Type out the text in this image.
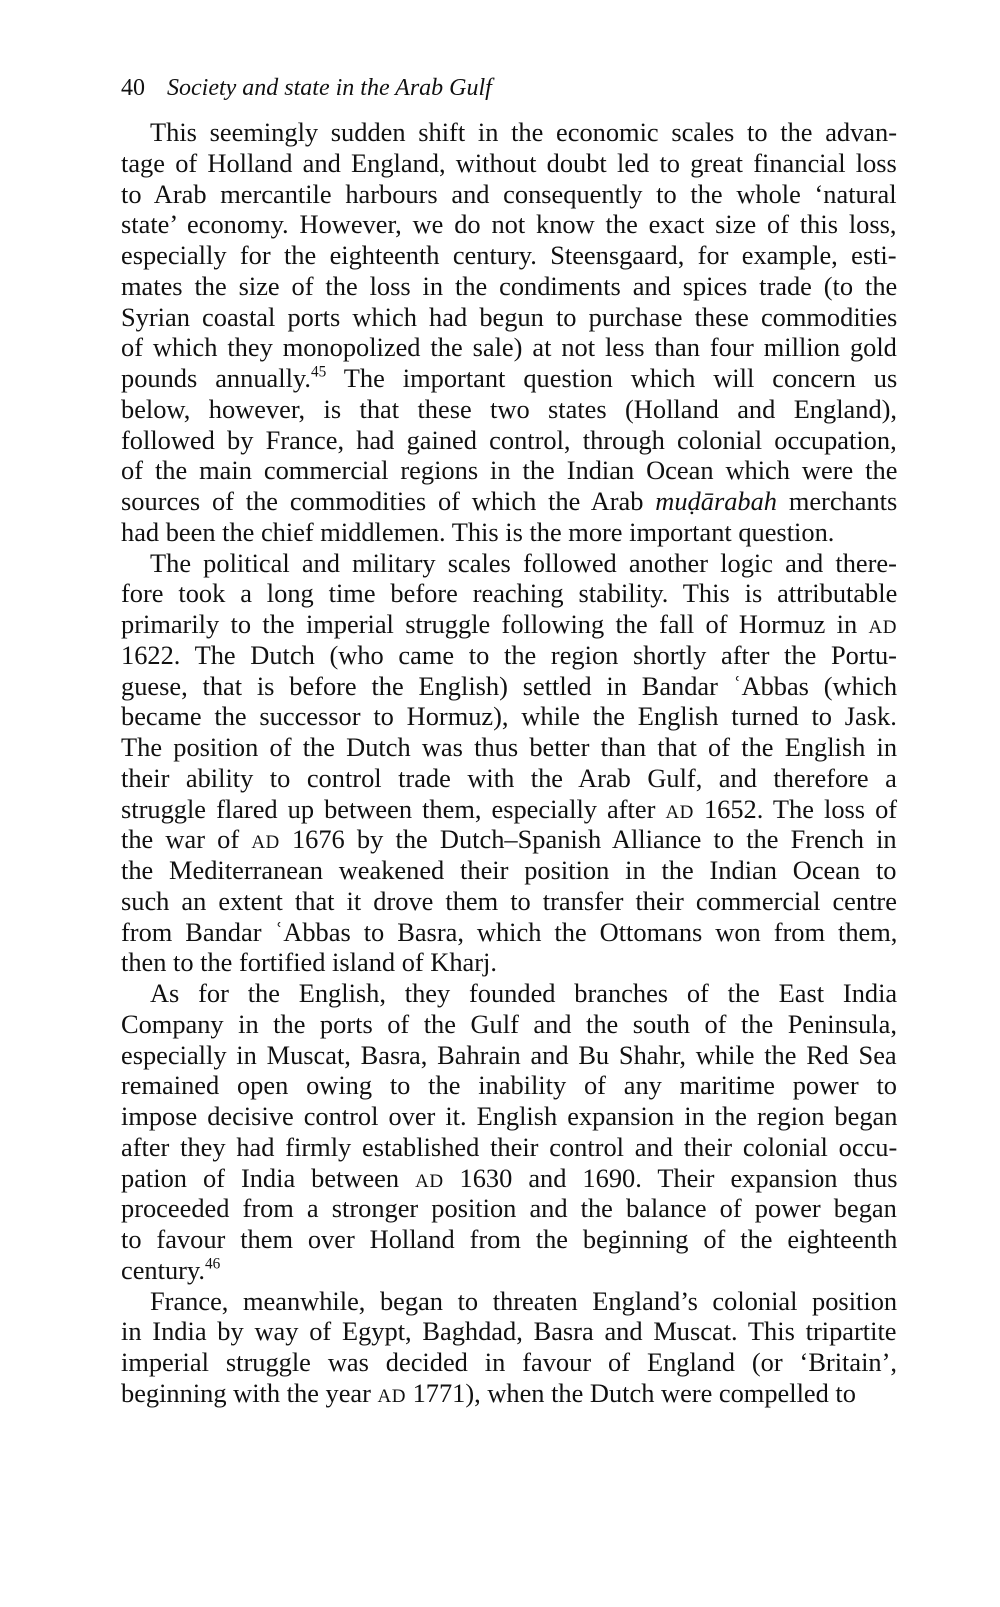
40 Society and state in the Arab Gulf

This seemingly sudden shift in the economic scales to the advan-
tage of Holland and England, without doubt led to great financial loss
to Arab mercantile harbours and consequently to the whole ‘natural
state’ economy. However, we do not know the exact size of this loss,
especially for the eighteenth century. Steensgaard, for example, esti-
mates the size of the loss in the condiments and spices trade (to the
Syrian coastal ports which had begun to purchase these commodities
of which they monopolized the sale) at not less than four million gold
pounds annually.$^{45}$ The important question which will concern us
below, however, is that these two states (Holland and England),
followed by France, had gained control, through colonial occupation,
of the main commercial regions in the Indian Ocean which were the
sources of the commodities of which the Arab muḍārabah merchants
had been the chief middlemen. This is the more important question.

The political and military scales followed another logic and there-
fore took a long time before reaching stability. This is attributable
primarily to the imperial struggle following the fall of Hormuz in AD
1622. The Dutch (who came to the region shortly after the Portu-
guese, that is before the English) settled in Bandar ʿAbbas (which
became the successor to Hormuz), while the English turned to Jask.
The position of the Dutch was thus better than that of the English in
their ability to control trade with the Arab Gulf, and therefore a
struggle flared up between them, especially after AD 1652. The loss of
the war of AD 1676 by the Dutch–Spanish Alliance to the French in
the Mediterranean weakened their position in the Indian Ocean to
such an extent that it drove them to transfer their commercial centre
from Bandar ʿAbbas to Basra, which the Ottomans won from them,
then to the fortified island of Kharj.

As for the English, they founded branches of the East India
Company in the ports of the Gulf and the south of the Peninsula,
especially in Muscat, Basra, Bahrain and Bu Shahr, while the Red Sea
remained open owing to the inability of any maritime power to
impose decisive control over it. English expansion in the region began
after they had firmly established their control and their colonial occu-
pation of India between AD 1630 and 1690. Their expansion thus
proceeded from a stronger position and the balance of power began
to favour them over Holland from the beginning of the eighteenth
century.$^{46}$

France, meanwhile, began to threaten England’s colonial position
in India by way of Egypt, Baghdad, Basra and Muscat. This tripartite
imperial struggle was decided in favour of England (or ‘Britain’,
beginning with the year AD 1771), when the Dutch were compelled to
